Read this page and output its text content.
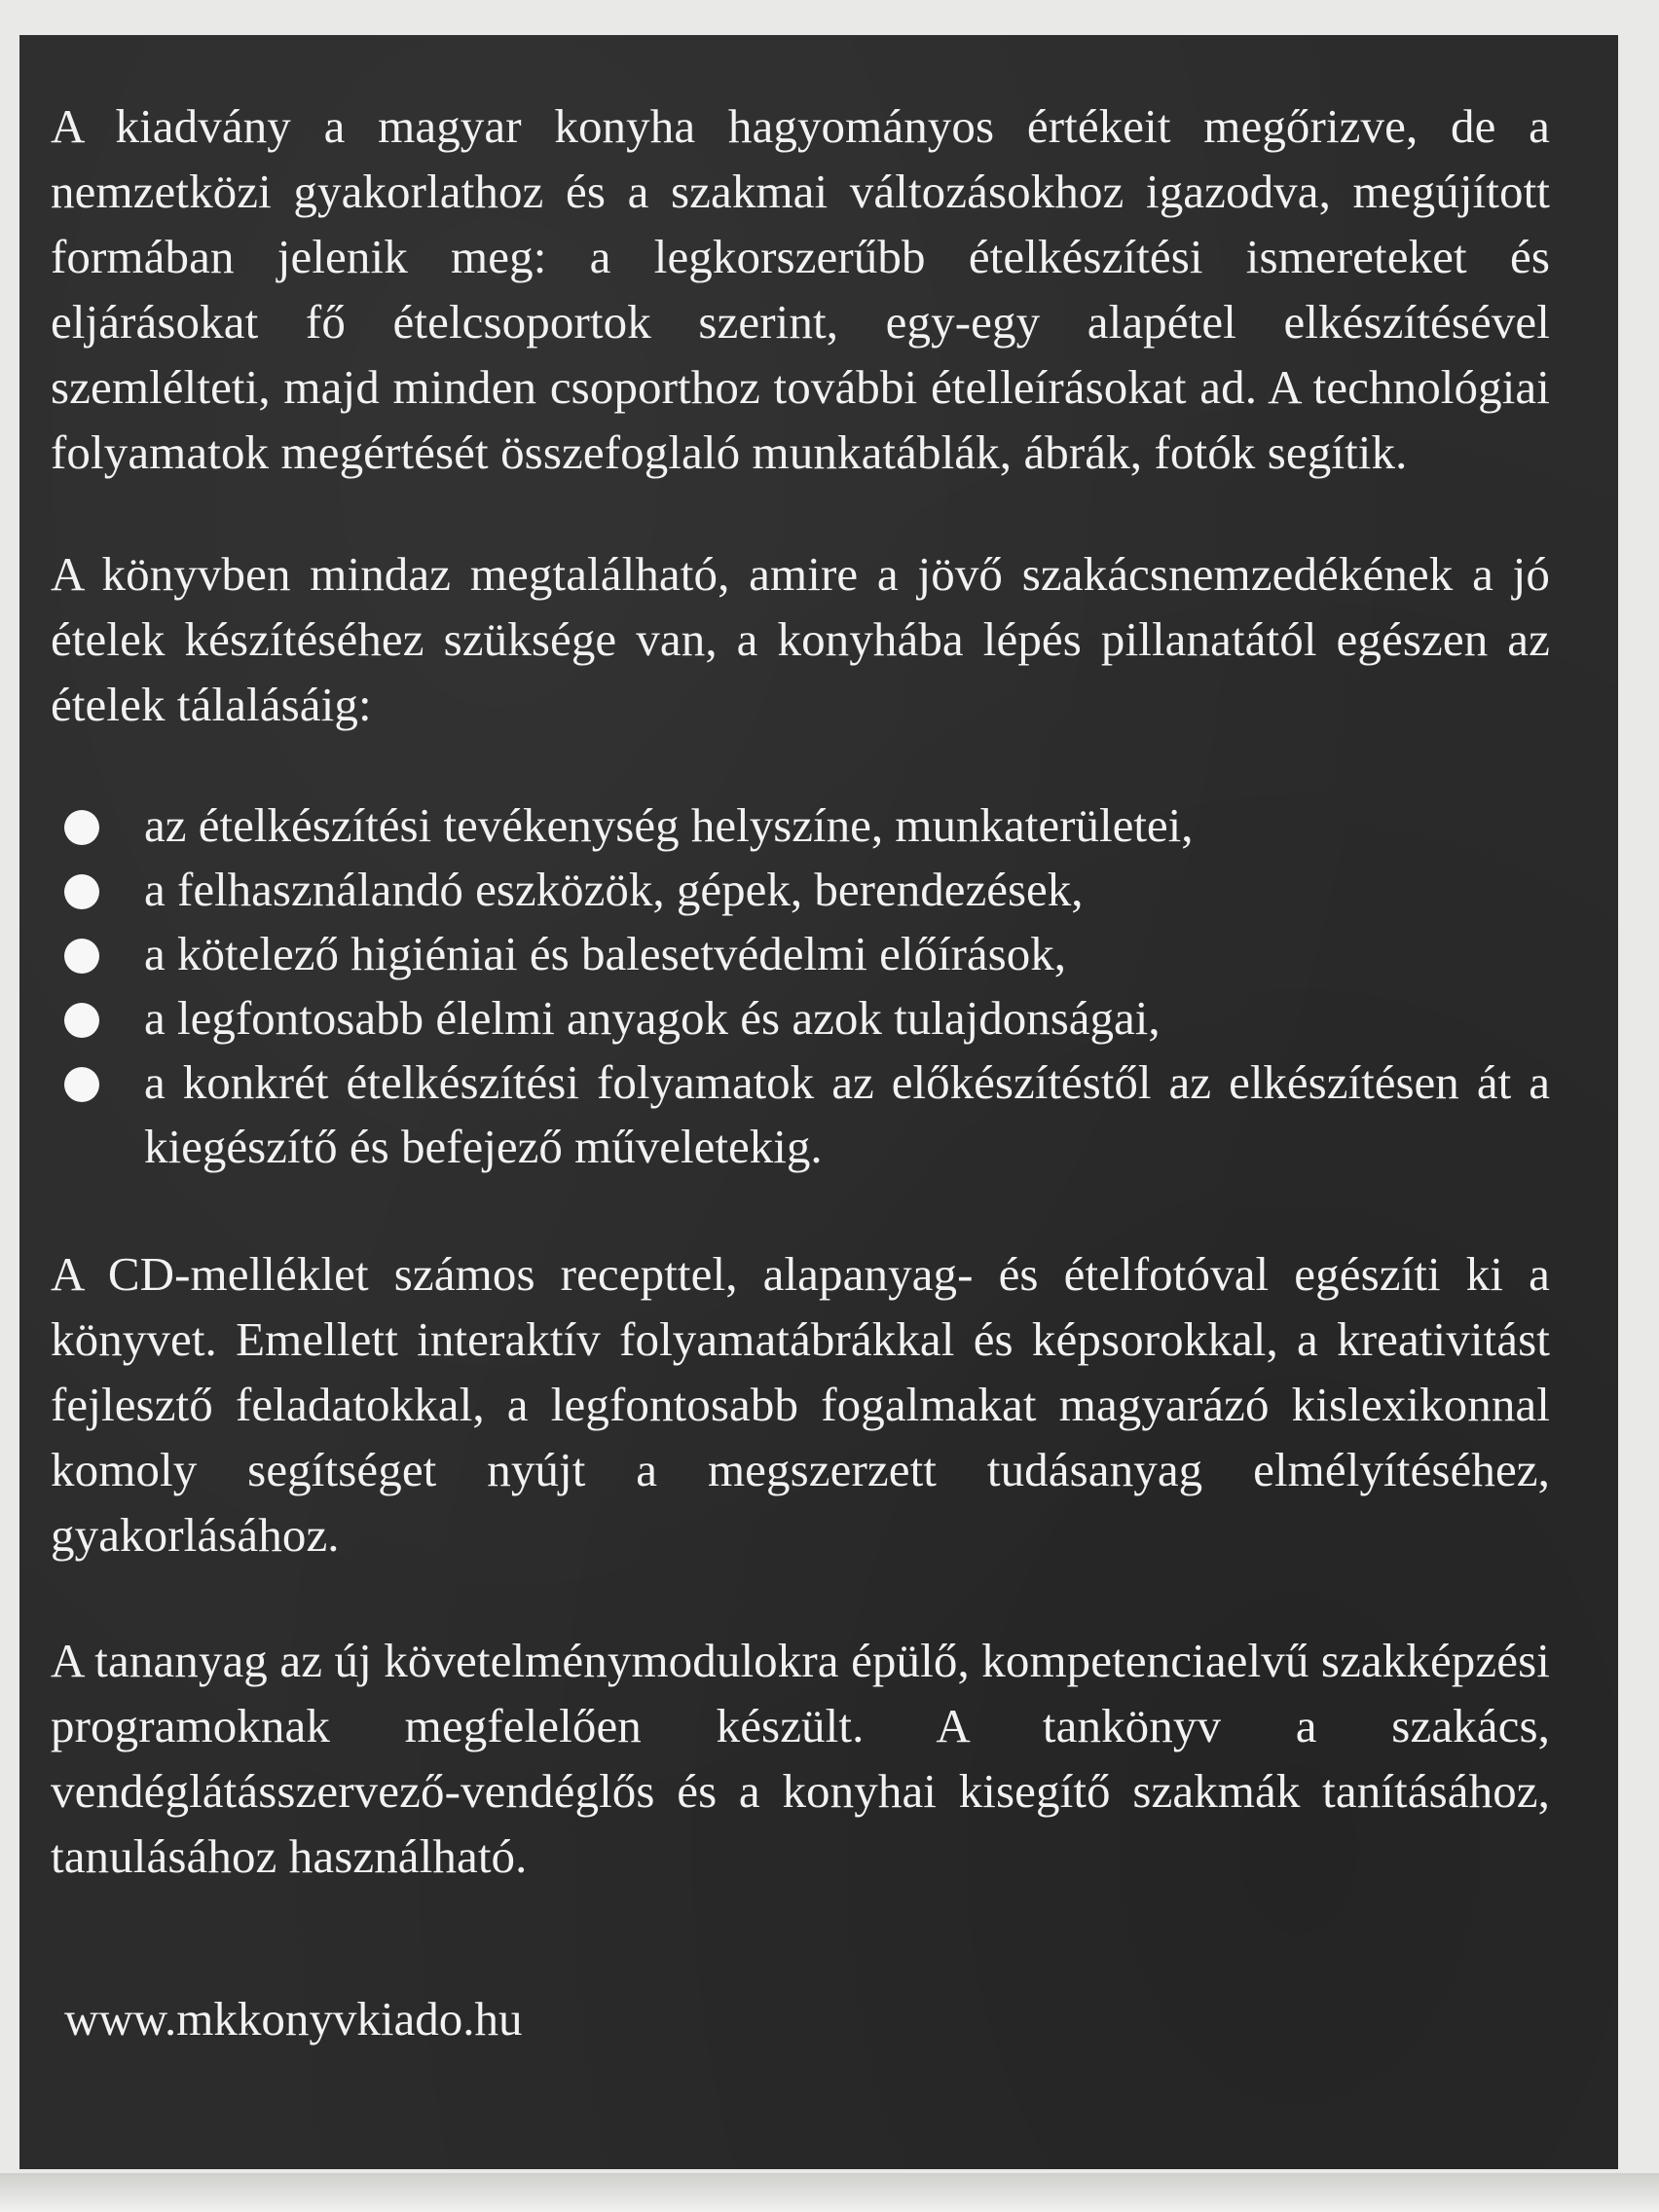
A kiadvány a magyar konyha hagyományos értékeit megőrizve, de a nemzetközi gyakorlathoz és a szakmai változásokhoz igazodva, megújított formában jelenik meg: a legkorszerűbb ételkészítési ismereteket és eljárásokat fő ételcsoportok szerint, egy-egy alapétel elkészítésével szemlélteti, majd minden csoporthoz további ételleírásokat ad. A technológiai folyamatok megértését összefoglaló munkatáblák, ábrák, fotók segítik.

A könyvben mindaz megtalálható, amire a jövő szakácsnemzedékének a jó ételek készítéséhez szüksége van, a konyhába lépés pillanatától egészen az ételek tálalásáig:

az ételkészítési tevékenység helyszíne, munkaterületei,
a felhasználandó eszközök, gépek, berendezések,
a kötelező higiéniai és balesetvédelmi előírások,
a legfontosabb élelmi anyagok és azok tulajdonságai,
a konkrét ételkészítési folyamatok az előkészítéstől az elkészítésen át a kiegészítő és befejező műveletekig.

A CD-melléklet számos recepttel, alapanyag- és ételfotóval egészíti ki a könyvet. Emellett interaktív folyamatábrákkal és képsorokkal, a kreativitást fejlesztő feladatokkal, a legfontosabb fogalmakat magyarázó kislexikonnal komoly segítséget nyújt a megszerzett tudásanyag elmélyítéséhez, gyakorlásához.

A tananyag az új követelménymodulokra épülő, kompetenciaelvű szakképzési programoknak megfelelően készült. A tankönyv a szakács, vendéglátásszervező-vendéglős és a konyhai kisegítő szakmák tanításához, tanulásához használható.

www.mkkonyvkiado.hu
